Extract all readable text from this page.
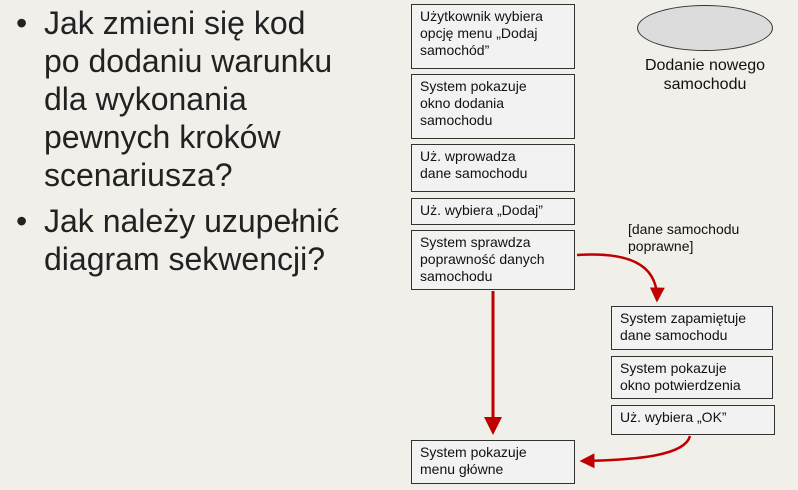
• Jak zmieni się kod
po dodaniu warunku
dla wykonania
pewnych kroków
scenariusza?
• Jak należy uzupełnić
diagram sekwencji?
Dodanie nowego
samochodu
Użytkownik wybiera
opcję menu „Dodaj
samochód”
System pokazuje
okno dodania
samochodu
Uż. wprowadza
dane samochodu
Uż. wybiera „Dodaj”
System sprawdza
poprawność danych
samochodu
[dane samochodu
poprawne]
System zapamiętuje
dane samochodu
System pokazuje
okno potwierdzenia
Uż. wybiera „OK”
System pokazuje
menu główne
